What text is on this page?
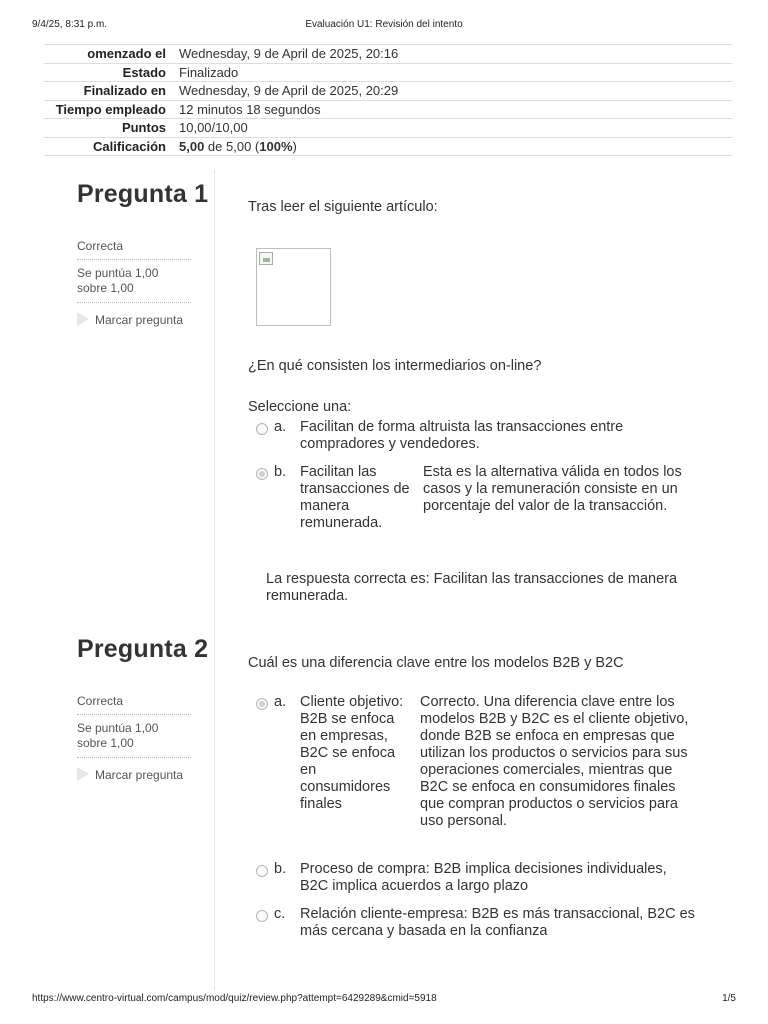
9/4/25, 8:31 p.m.	Evaluación U1: Revisión del intento
omenzado el	Wednesday, 9 de April de 2025, 20:16
Estado	Finalizado
Finalizado en	Wednesday, 9 de April de 2025, 20:29
Tiempo empleado	12 minutos 18 segundos
Puntos	10,00/10,00
Calificación	5,00 de 5,00 (100%)
Pregunta 1
Correcta
Se puntúa 1,00 sobre 1,00
Marcar pregunta
Tras leer el siguiente artículo:
¿En qué consisten los intermediarios on-line?
Seleccione una:
a. Facilitan de forma altruista las transacciones entre compradores y vendedores.
b. Facilitan las transacciones de manera remunerada.
Esta es la alternativa válida en todos los casos y la remuneración consiste en un porcentaje del valor de la transacción.
La respuesta correcta es: Facilitan las transacciones de manera remunerada.
Pregunta 2
Correcta
Se puntúa 1,00 sobre 1,00
Marcar pregunta
Cuál es una diferencia clave entre los modelos B2B y B2C
a. Cliente objetivo: B2B se enfoca en empresas, B2C se enfoca en consumidores finales
Correcto. Una diferencia clave entre los modelos B2B y B2C es el cliente objetivo, donde B2B se enfoca en empresas que utilizan los productos o servicios para sus operaciones comerciales, mientras que B2C se enfoca en consumidores finales que compran productos o servicios para uso personal.
b. Proceso de compra: B2B implica decisiones individuales, B2C implica acuerdos a largo plazo
c. Relación cliente-empresa: B2B es más transaccional, B2C es más cercana y basada en la confianza
https://www.centro-virtual.com/campus/mod/quiz/review.php?attempt=6429289&cmid=5918	1/5
